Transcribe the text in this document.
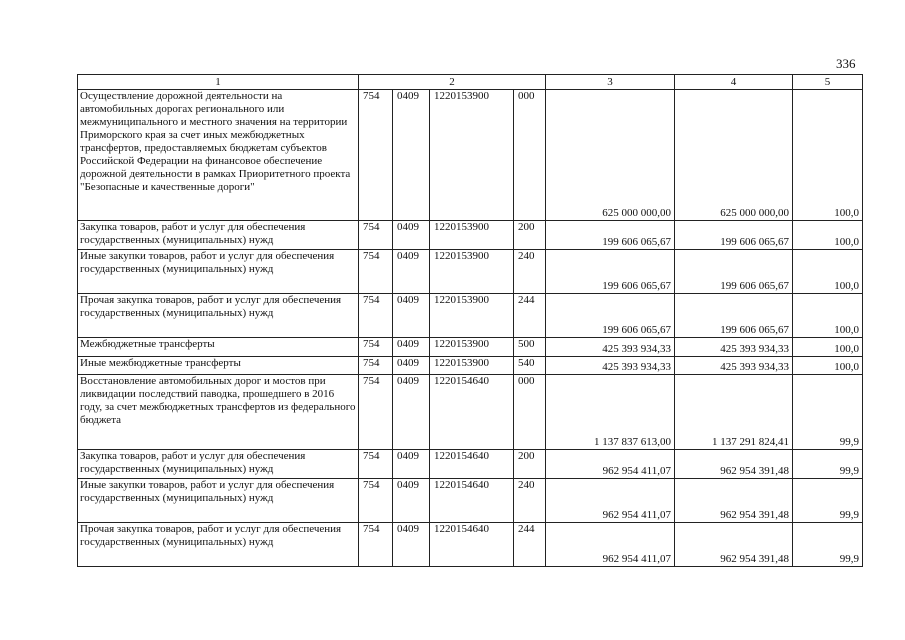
336
1	2				3	4	5
Осуществление дорожной деятельности на автомобильных дорогах регионального или межмуниципального и местного значения на территории Приморского края за счет иных межбюджетных трансфертов, предоставляемых бюджетам субъектов Российской Федерации на финансовое обеспечение дорожной деятельности в рамках Приоритетного проекта "Безопасные и качественные дороги"	754	0409	1220153900	000	625 000 000,00	625 000 000,00	100,0
Закупка товаров, работ и услуг для обеспечения государственных (муниципальных) нужд	754	0409	1220153900	200	199 606 065,67	199 606 065,67	100,0
Иные закупки товаров, работ и услуг для обеспечения государственных (муниципальных) нужд	754	0409	1220153900	240	199 606 065,67	199 606 065,67	100,0
Прочая закупка товаров, работ и услуг для обеспечения государственных (муниципальных) нужд	754	0409	1220153900	244	199 606 065,67	199 606 065,67	100,0
Межбюджетные трансферты	754	0409	1220153900	500	425 393 934,33	425 393 934,33	100,0
Иные межбюджетные трансферты	754	0409	1220153900	540	425 393 934,33	425 393 934,33	100,0
Восстановление автомобильных дорог и мостов при ликвидации последствий паводка, прошедшего в 2016 году, за счет межбюджетных трансфертов из федерального бюджета	754	0409	1220154640	000	1 137 837 613,00	1 137 291 824,41	99,9
Закупка товаров, работ и услуг для обеспечения государственных (муниципальных) нужд	754	0409	1220154640	200	962 954 411,07	962 954 391,48	99,9
Иные закупки товаров, работ и услуг для обеспечения государственных (муниципальных) нужд	754	0409	1220154640	240	962 954 411,07	962 954 391,48	99,9
Прочая закупка товаров, работ и услуг для обеспечения государственных (муниципальных) нужд	754	0409	1220154640	244	962 954 411,07	962 954 391,48	99,9
